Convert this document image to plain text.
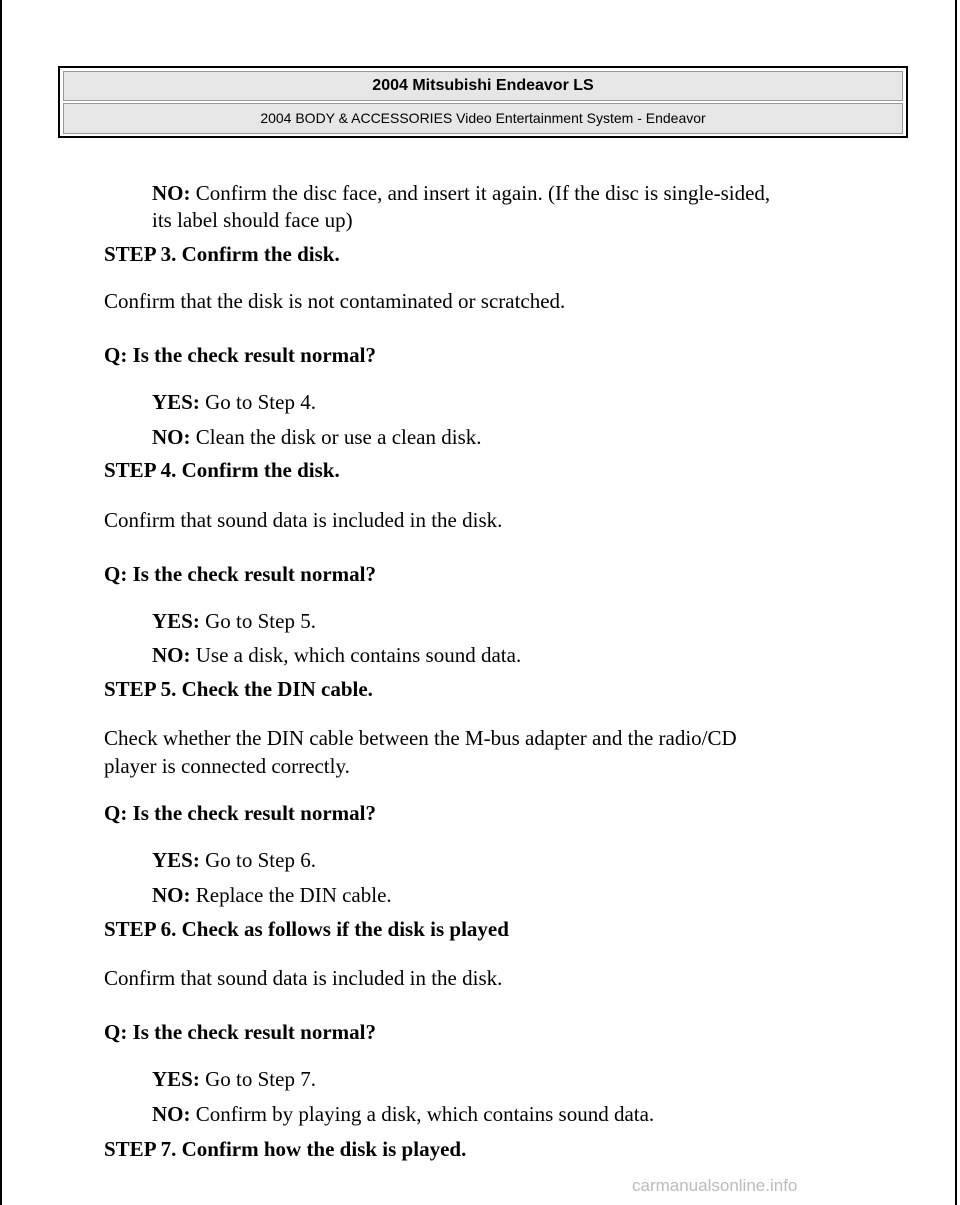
2004 Mitsubishi Endeavor LS
2004 BODY & ACCESSORIES Video Entertainment System - Endeavor
NO: Confirm the disc face, and insert it again. (If the disc is single-sided,
its label should face up)
STEP 3. Confirm the disk.
Confirm that the disk is not contaminated or scratched.
Q: Is the check result normal?
YES: Go to Step 4.
NO: Clean the disk or use a clean disk.
STEP 4. Confirm the disk.
Confirm that sound data is included in the disk.
Q: Is the check result normal?
YES: Go to Step 5.
NO: Use a disk, which contains sound data.
STEP 5. Check the DIN cable.
Check whether the DIN cable between the M-bus adapter and the radio/CD
player is connected correctly.
Q: Is the check result normal?
YES: Go to Step 6.
NO: Replace the DIN cable.
STEP 6. Check as follows if the disk is played
Confirm that sound data is included in the disk.
Q: Is the check result normal?
YES: Go to Step 7.
NO: Confirm by playing a disk, which contains sound data.
STEP 7. Confirm how the disk is played.
carmanualsonline.info
